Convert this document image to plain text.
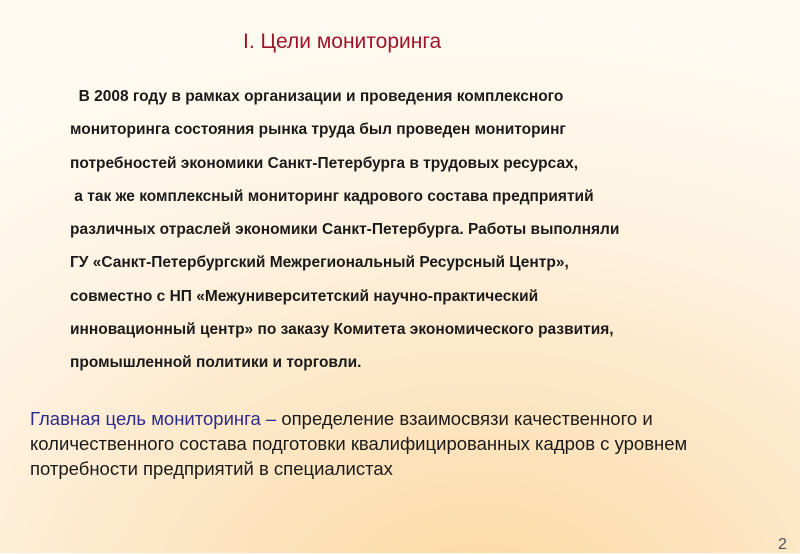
I. Цели мониторинга
В 2008 году в рамках организации и проведения комплексного
мониторинга состояния рынка труда был проведен мониторинг
потребностей экономики Санкт-Петербурга в трудовых ресурсах,
а так же комплексный мониторинг кадрового состава предприятий
различных отраслей экономики Санкт-Петербурга. Работы выполняли
ГУ «Санкт-Петербургский Межрегиональный Ресурсный Центр»,
совместно с НП «Межуниверситетский научно-практический
инновационный центр» по заказу Комитета экономического развития,
промышленной политики и торговли.

Главная цель мониторинга – определение взаимосвязи качественного и количественного состава подготовки квалифицированных кадров с уровнем потребности предприятий в специалистах

2
